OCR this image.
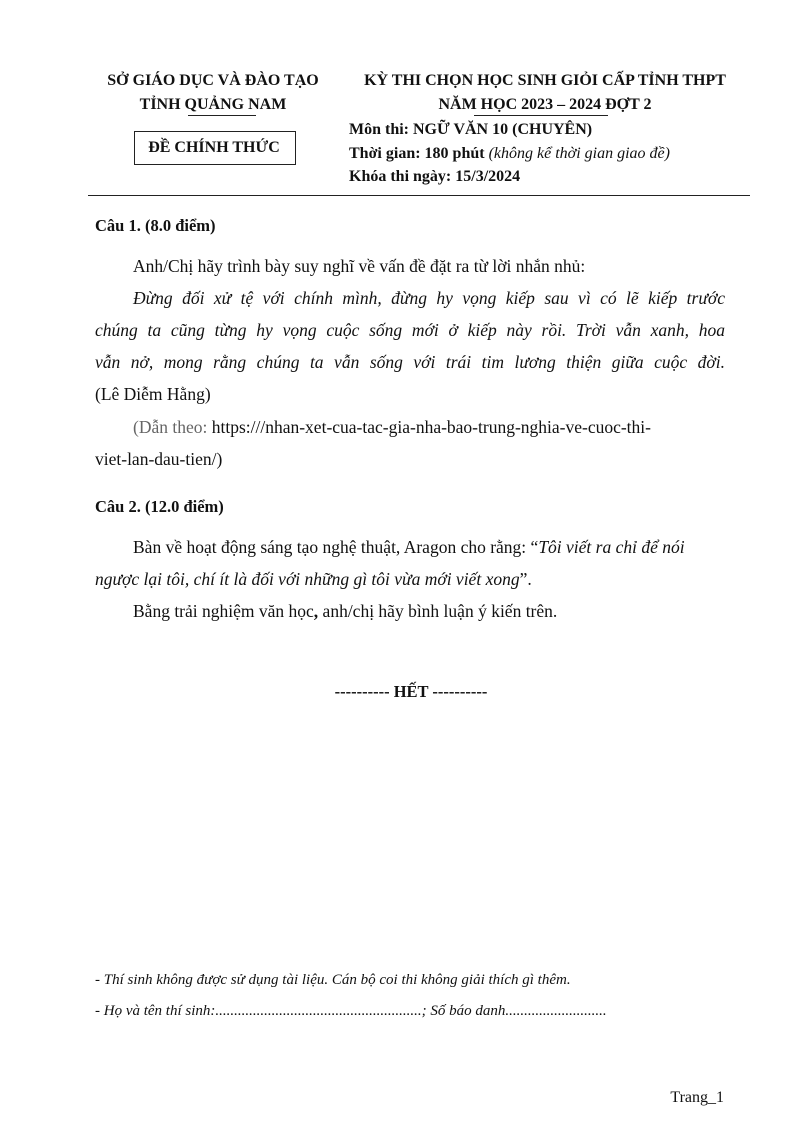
SỞ GIÁO DỤC VÀ ĐÀO TẠO
TỈNH QUẢNG NAM
ĐỀ CHÍNH THỨC
KỲ THI CHỌN HỌC SINH GIỎI CẤP TỈNH THPT
NĂM HỌC 2023 – 2024 ĐỢT 2
Môn thi: NGỮ VĂN 10 (CHUYÊN)
Thời gian: 180 phút (không kể thời gian giao đề)
Khóa thi ngày: 15/3/2024
Câu 1. (8.0 điểm)
Anh/Chị hãy trình bày suy nghĩ về vấn đề đặt ra từ lời nhắn nhủ:
Đừng đối xử tệ với chính mình, đừng hy vọng kiếp sau vì có lẽ kiếp trước
chúng ta cũng từng hy vọng cuộc sống mới ở kiếp này rồi. Trời vẫn xanh, hoa
vẫn nở, mong rằng chúng ta vẫn sống với trái tim lương thiện giữa cuộc đời.
(Lê Diễm Hằng)
(Dẫn theo: https:///nhan-xet-cua-tac-gia-nha-bao-trung-nghia-ve-cuoc-thi-
viet-lan-dau-tien/)
Câu 2. (12.0 điểm)
Bàn về hoạt động sáng tạo nghệ thuật, Aragon cho rằng: “Tôi viết ra chỉ để nói
ngược lại tôi, chí ít là đối với những gì tôi vừa mới viết xong”.
Bằng trải nghiệm văn học, anh/chị hãy bình luận ý kiến trên.
---------- HẾT ----------
- Thí sinh không được sử dụng tài liệu. Cán bộ coi thi không giải thích gì thêm.
- Họ và tên thí sinh:.......................................................; Số báo danh...........................
Trang_1
